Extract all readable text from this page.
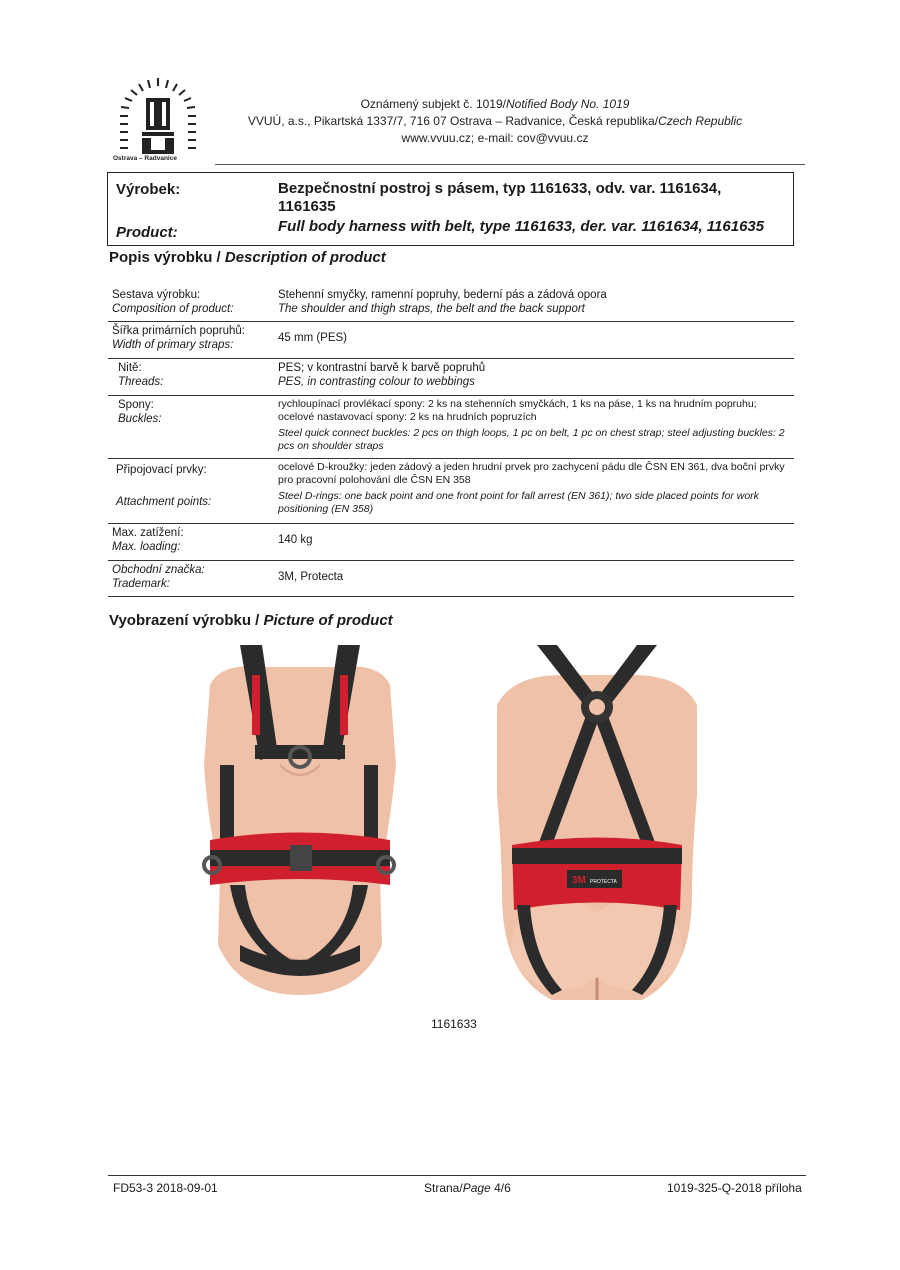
Ostrava – Radvanice
Oznámený subjekt č. 1019/Notified Body No. 1019
VVUÚ, a.s., Pikartská 1337/7, 716 07 Ostrava – Radvanice, Česká republika/Czech Republic
www.vvuu.cz; e-mail: cov@vvuu.cz
Výrobek:
Product:
Bezpečnostní postroj s pásem, typ 1161633, odv. var. 1161634, 1161635
Full body harness with belt, type 1161633, der. var. 1161634, 1161635
Popis výrobku / Description of product
Sestava výrobku:
Composition of product:
Stehenní smyčky, ramenní popruhy, bederní pás a zádová opora
The shoulder and thigh straps, the belt and the back support
Šířka primárních popruhů:
Width of primary straps:
45 mm (PES)
Nitě:
Threads:
PES; v kontrastní barvě k barvě popruhů
PES, in contrasting colour to webbings
Spony:
Buckles:
rychloupínací provlékací spony: 2 ks na stehenních smyčkách, 1 ks na páse, 1 ks na hrudním popruhu; ocelové nastavovací spony: 2 ks na hrudních popruzích
Steel quick connect buckles: 2 pcs on thigh loops, 1 pc on belt, 1 pc on chest strap; steel adjusting buckles: 2 pcs on shoulder straps
Připojovací prvky:
Attachment points:
ocelové D-kroužky: jeden zádový a jeden hrudní prvek pro zachycení pádu dle ČSN EN 361, dva boční prvky pro pracovní polohování dle ČSN EN 358
Steel D-rings: one back point and one front point for fall arrest (EN 361); two side placed points for work positioning (EN 358)
Max. zatížení:
Max. loading:
140 kg
Obchodní značka:
Trademark:
3M, Protecta
Vyobrazení výrobku / Picture of product
3M PROTECTA
1161633
FD53-3 2018-09-01	Strana/Page 4/6	1019-325-Q-2018 příloha
